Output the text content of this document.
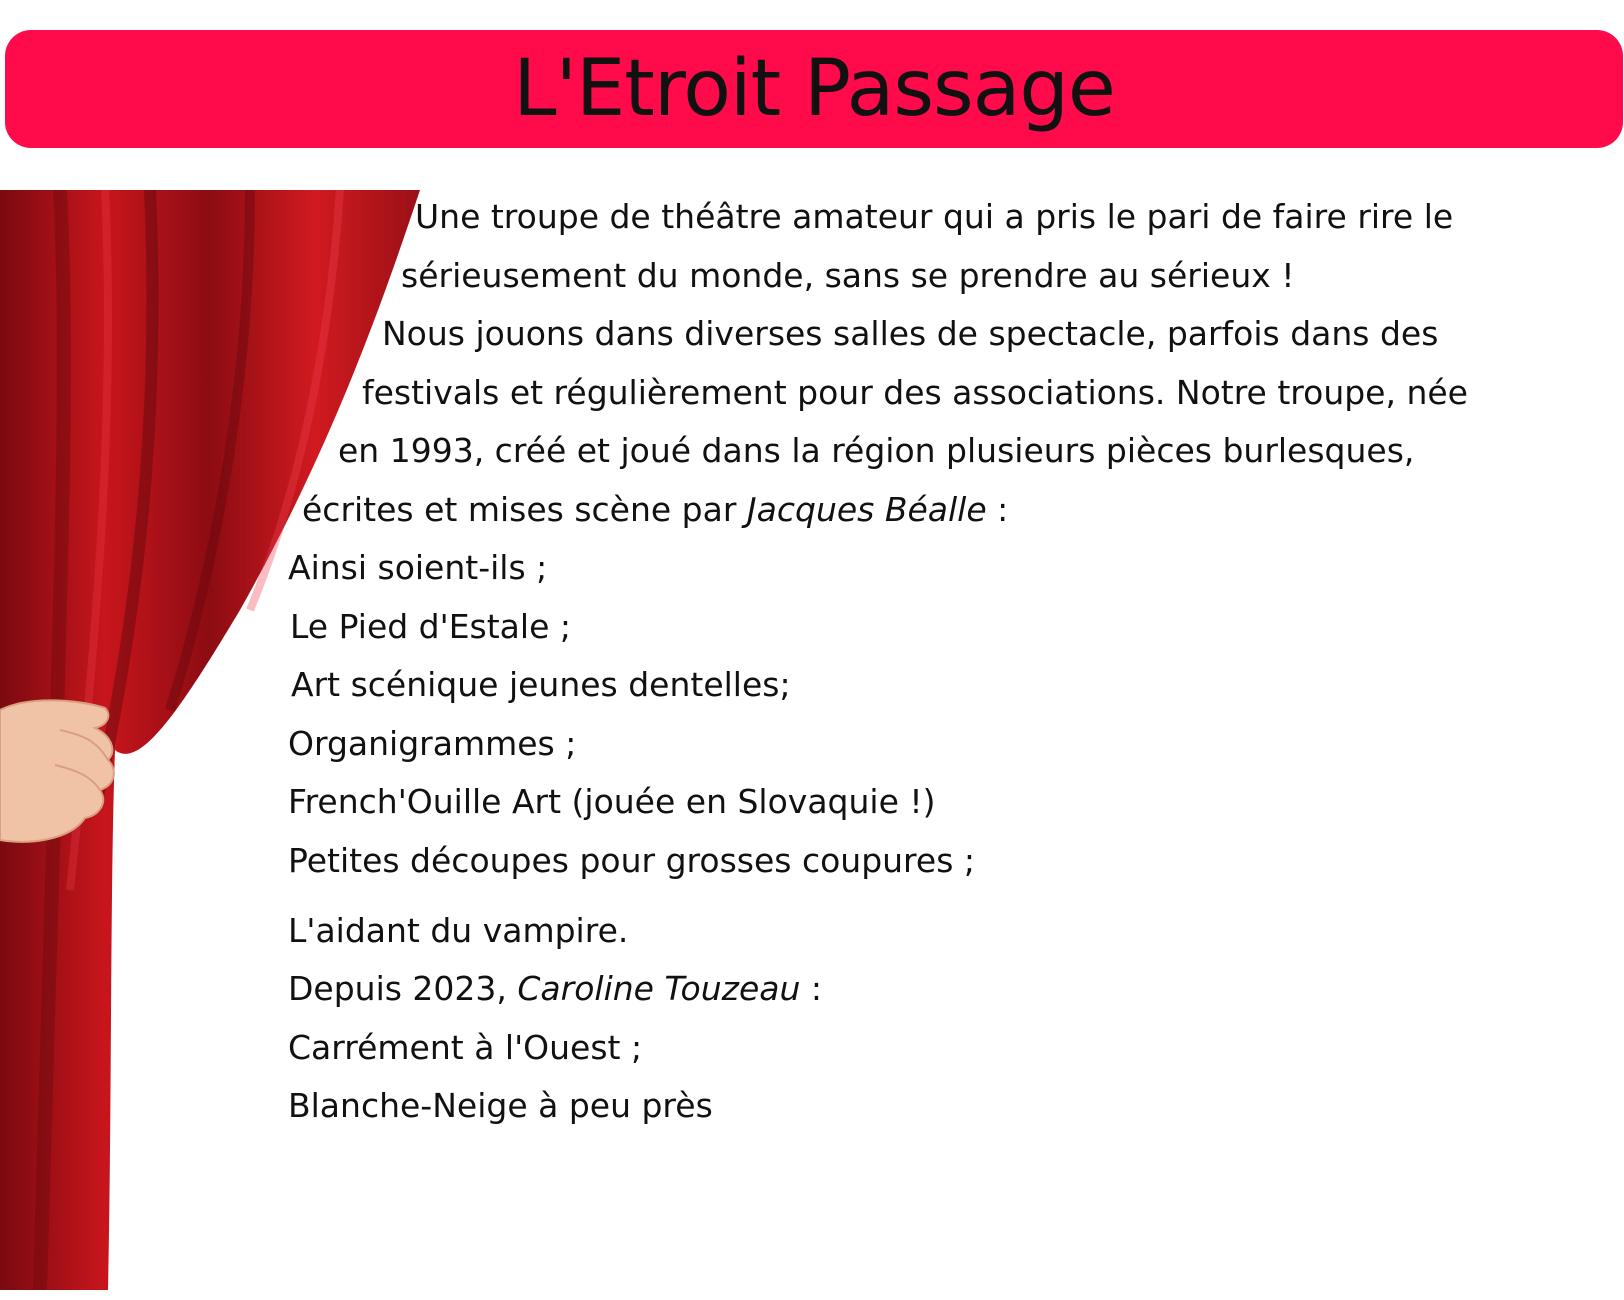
L'Etroit Passage
Une troupe de théâtre amateur qui a pris le pari de faire rire le
sérieusement du monde, sans se prendre au sérieux !
Nous jouons dans diverses salles de spectacle, parfois dans des
festivals et régulièrement pour des associations. Notre troupe, née
en 1993, créé et joué dans la région plusieurs pièces burlesques,
écrites et mises scène par Jacques Béalle :
Ainsi soient-ils ;
Le Pied d'Estale ;
Art scénique jeunes dentelles;
Organigrammes ;
French'Ouille Art (jouée en Slovaquie !)
Petites découpes pour grosses coupures ;
L'aidant du vampire.
Depuis 2023, Caroline Touzeau :
Carrément à l'Ouest ;
Blanche-Neige à peu près
